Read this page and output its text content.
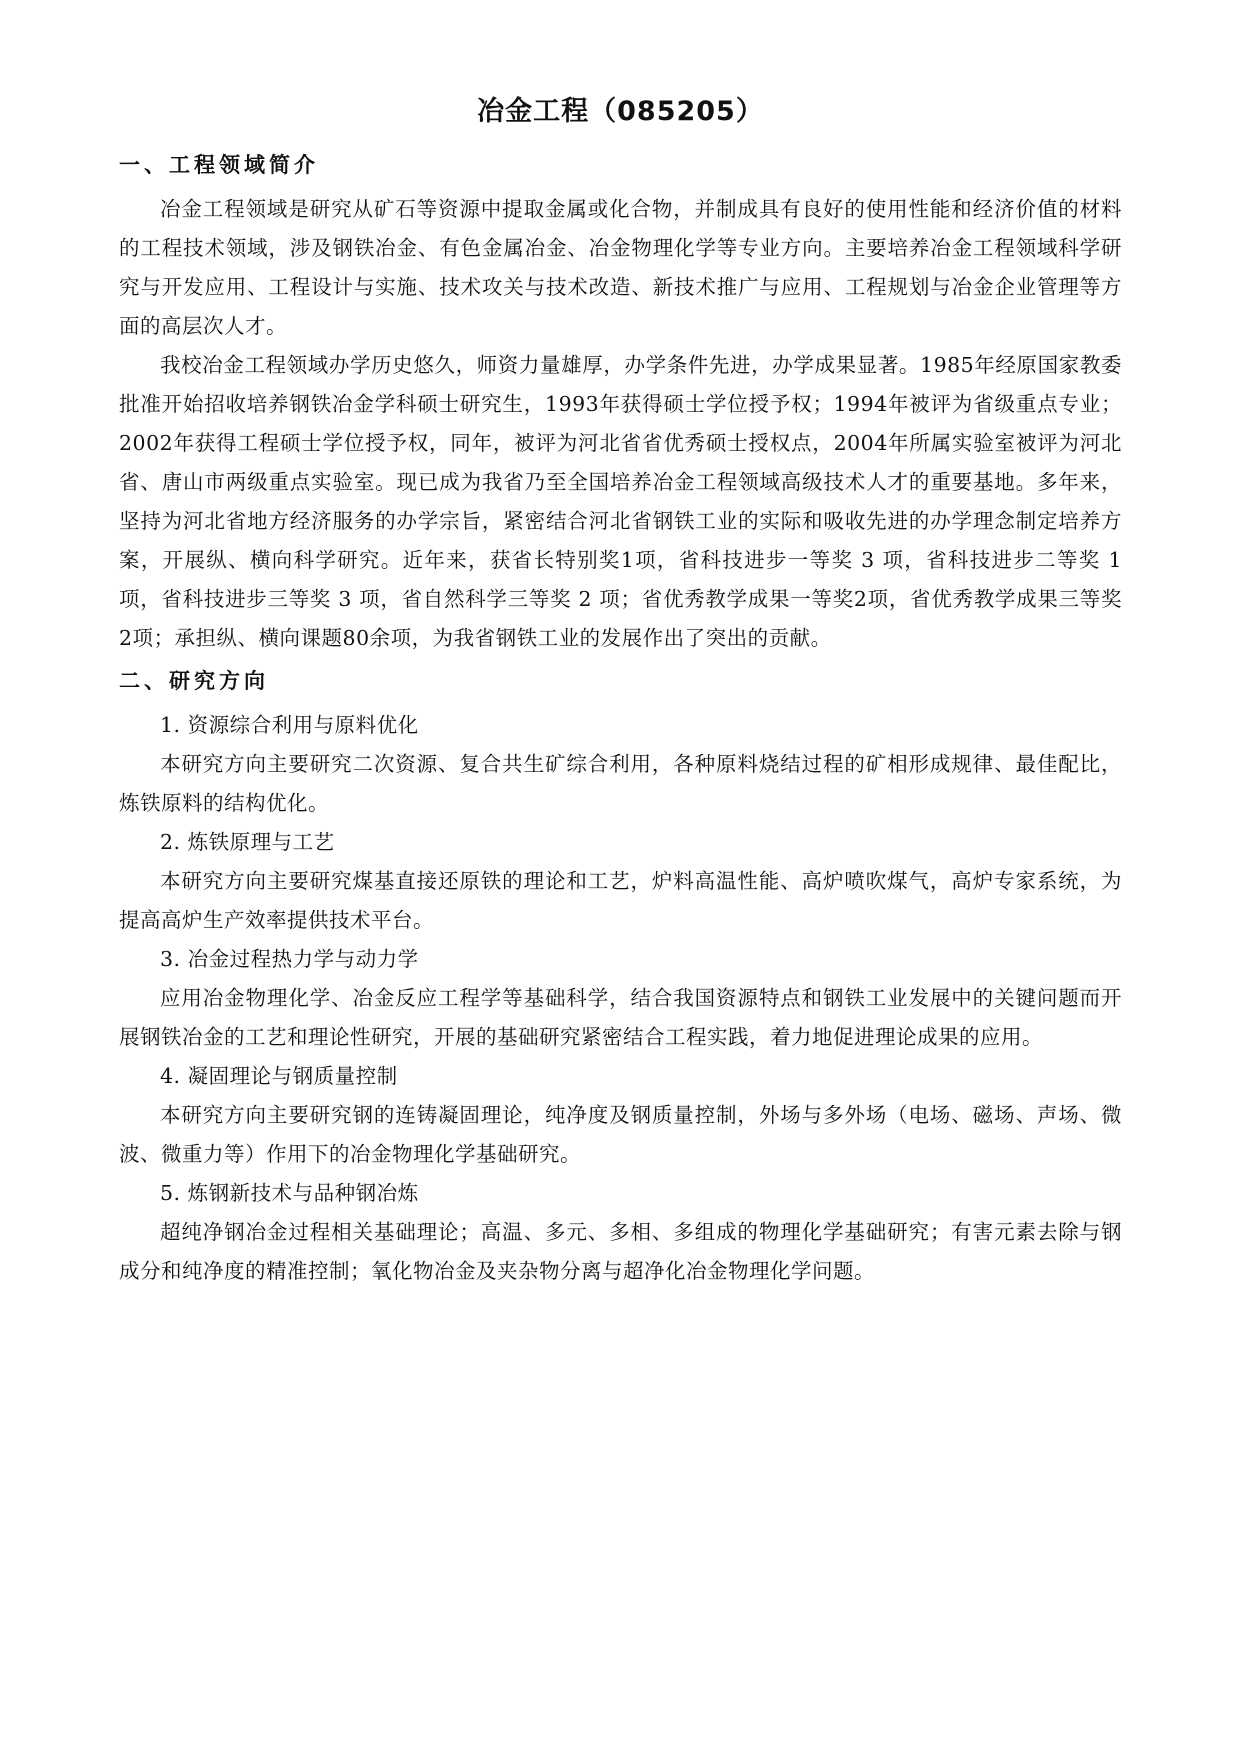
冶金工程（085205）
一、工程领域简介

冶金工程领域是研究从矿石等资源中提取金属或化合物，并制成具有良好的使用性能和经济价值的材料的工程技术领域，涉及钢铁冶金、有色金属冶金、冶金物理化学等专业方向。主要培养冶金工程领域科学研究与开发应用、工程设计与实施、技术攻关与技术改造、新技术推广与应用、工程规划与冶金企业管理等方面的高层次人才。

我校冶金工程领域办学历史悠久，师资力量雄厚，办学条件先进，办学成果显著。1985年经原国家教委批准开始招收培养钢铁冶金学科硕士研究生，1993年获得硕士学位授予权；1994年被评为省级重点专业；2002年获得工程硕士学位授予权，同年，被评为河北省省优秀硕士授权点，2004年所属实验室被评为河北省、唐山市两级重点实验室。现已成为我省乃至全国培养冶金工程领域高级技术人才的重要基地。多年来，坚持为河北省地方经济服务的办学宗旨，紧密结合河北省钢铁工业的实际和吸收先进的办学理念制定培养方案，开展纵、横向科学研究。近年来，获省长特别奖1项，省科技进步一等奖 3 项，省科技进步二等奖 1项，省科技进步三等奖 3 项，省自然科学三等奖 2 项；省优秀教学成果一等奖2项，省优秀教学成果三等奖2项；承担纵、横向课题80余项，为我省钢铁工业的发展作出了突出的贡献。

二、研究方向

1. 资源综合利用与原料优化

本研究方向主要研究二次资源、复合共生矿综合利用，各种原料烧结过程的矿相形成规律、最佳配比，炼铁原料的结构优化。

2. 炼铁原理与工艺

本研究方向主要研究煤基直接还原铁的理论和工艺，炉料高温性能、高炉喷吹煤气，高炉专家系统，为提高高炉生产效率提供技术平台。

3. 冶金过程热力学与动力学

应用冶金物理化学、冶金反应工程学等基础科学，结合我国资源特点和钢铁工业发展中的关键问题而开展钢铁冶金的工艺和理论性研究，开展的基础研究紧密结合工程实践，着力地促进理论成果的应用。

4. 凝固理论与钢质量控制

本研究方向主要研究钢的连铸凝固理论，纯净度及钢质量控制，外场与多外场（电场、磁场、声场、微波、微重力等）作用下的冶金物理化学基础研究。

5. 炼钢新技术与品种钢冶炼

超纯净钢冶金过程相关基础理论；高温、多元、多相、多组成的物理化学基础研究；有害元素去除与钢成分和纯净度的精准控制；氧化物冶金及夹杂物分离与超净化冶金物理化学问题。
